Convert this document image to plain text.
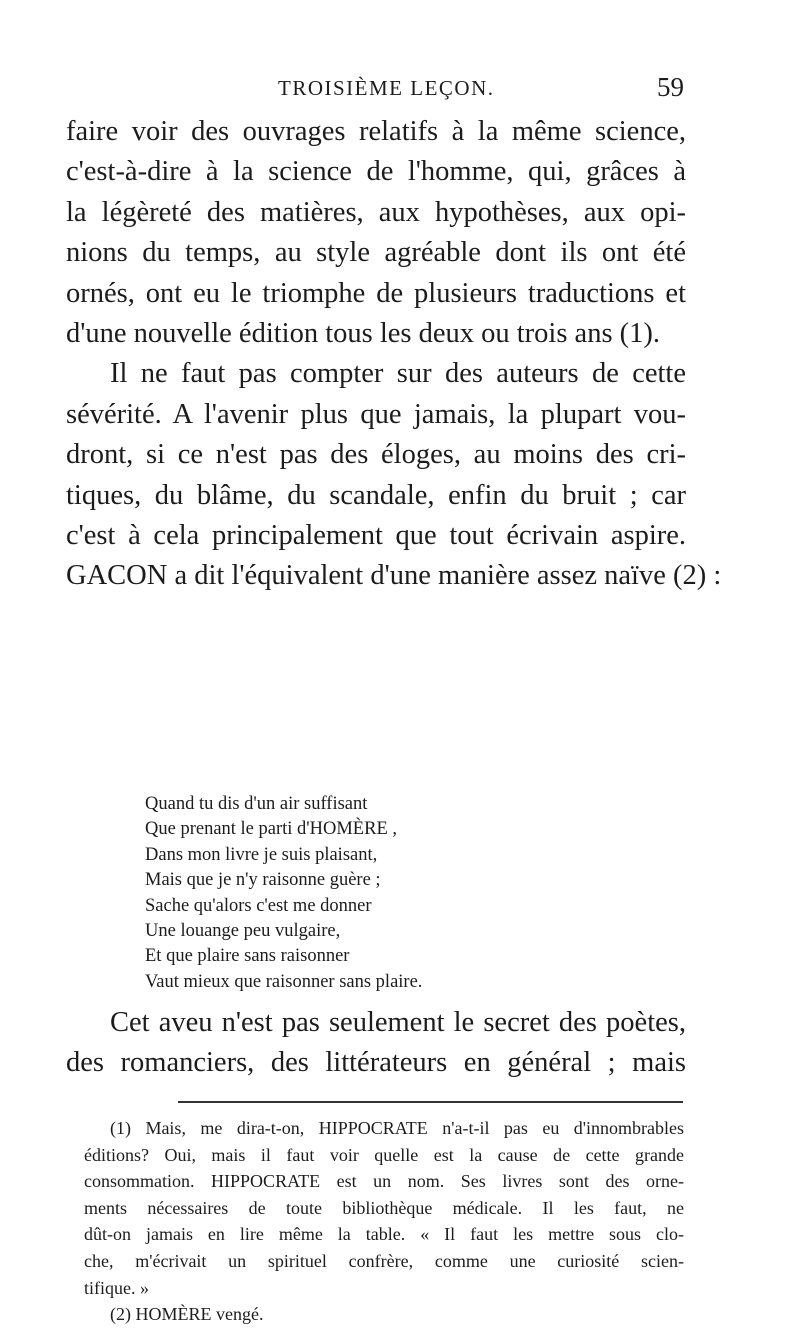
TROISIÈME LEÇON.	59
faire voir des ouvrages relatifs à la même science,
c'est-à-dire à la science de l'homme, qui, grâces à
la légèreté des matières, aux hypothèses, aux opi-
nions du temps, au style agréable dont ils ont été
ornés, ont eu le triomphe de plusieurs traductions et
d'une nouvelle édition tous les deux ou trois ans (1).
Il ne faut pas compter sur des auteurs de cette
sévérité. A l'avenir plus que jamais, la plupart vou-
dront, si ce n'est pas des éloges, au moins des cri-
tiques, du blâme, du scandale, enfin du bruit ; car
c'est à cela principalement que tout écrivain aspire.
GACON a dit l'équivalent d'une manière assez naïve (2) :
Quand tu dis d'un air suffisant
Que prenant le parti d'HOMÈRE ,
Dans mon livre je suis plaisant,
Mais que je n'y raisonne guère ;
Sache qu'alors c'est me donner
Une louange peu vulgaire,
Et que plaire sans raisonner
Vaut mieux que raisonner sans plaire.
Cet aveu n'est pas seulement le secret des poètes,
des romanciers, des littérateurs en général ; mais
(1) Mais, me dira-t-on, HIPPOCRATE n'a-t-il pas eu d'innombrables
éditions? Oui, mais il faut voir quelle est la cause de cette grande
consommation. HIPPOCRATE est un nom. Ses livres sont des orne-
ments nécessaires de toute bibliothèque médicale. Il les faut, ne
dût-on jamais en lire même la table. « Il faut les mettre sous clo-
che, m'écrivait un spirituel confrère, comme une curiosité scien-
tifique. »
(2) HOMÈRE vengé.
